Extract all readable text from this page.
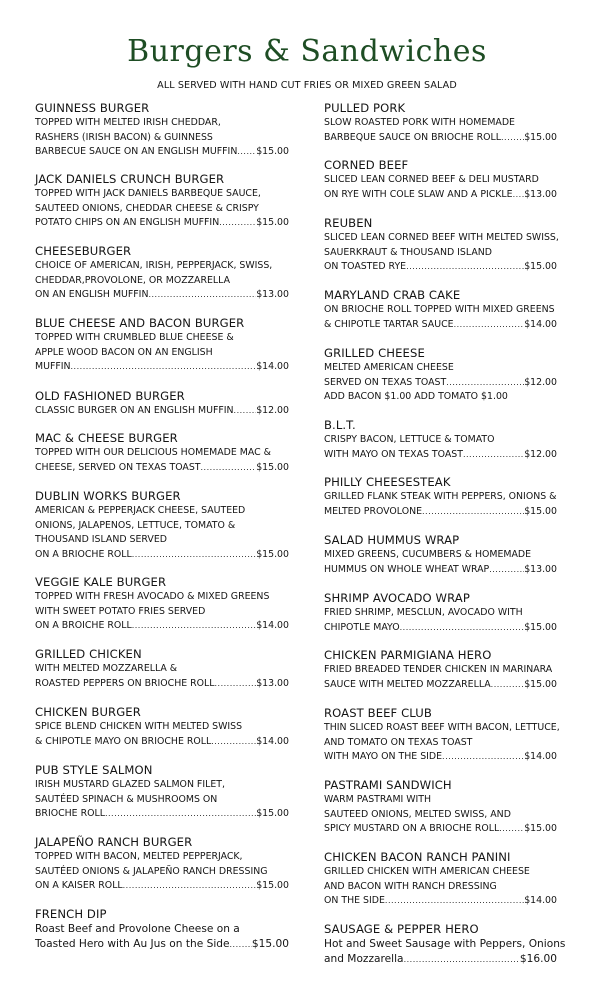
Burgers & Sandwiches
ALL SERVED WITH HAND CUT FRIES OR MIXED GREEN SALAD
GUINNESS BURGER
TOPPED WITH MELTED IRISH CHEDDAR,
RASHERS (IRISH BACON) & GUINNESS
BARBECUE SAUCE ON AN ENGLISH MUFFIN ..... $15.00
JACK DANIELS CRUNCH BURGER
TOPPED WITH JACK DANIELS BARBEQUE SAUCE,
SAUTEED ONIONS, CHEDDAR CHEESE & CRISPY
POTATO CHIPS ON AN ENGLISH MUFFIN .....	$15.00
CHEESEBURGER
CHOICE OF AMERICAN, IRISH, PEPPERJACK, SWISS,
CHEDDAR,PROVOLONE, OR MOZZARELLA
ON AN ENGLISH MUFFIN .....	$13.00
BLUE CHEESE AND BACON BURGER
TOPPED WITH CRUMBLED BLUE CHEESE &
APPLE WOOD BACON ON AN ENGLISH
MUFFIN .....	$14.00
OLD FASHIONED BURGER
CLASSIC BURGER ON AN ENGLISH MUFFIN ..... $12.00
MAC & CHEESE BURGER
TOPPED WITH OUR DELICIOUS HOMEMADE MAC &
CHEESE, SERVED ON TEXAS TOAST .....	$15.00
DUBLIN WORKS BURGER
AMERICAN & PEPPERJACK CHEESE, SAUTEED
ONIONS, JALAPENOS, LETTUCE, TOMATO &
THOUSAND ISLAND SERVED
ON A BRIOCHE ROLL .....	$15.00
VEGGIE KALE BURGER
TOPPED WITH FRESH AVOCADO & MIXED GREENS
WITH SWEET POTATO FRIES SERVED
ON A BROICHE ROLL .....	$14.00
GRILLED CHICKEN
WITH MELTED MOZZARELLA &
ROASTED PEPPERS ON BRIOCHE ROLL .....	$13.00
CHICKEN BURGER
SPICE BLEND CHICKEN WITH MELTED SWISS
& CHIPOTLE MAYO ON BRIOCHE ROLL .....	$14.00
PUB STYLE SALMON
IRISH MUSTARD GLAZED SALMON FILET,
SAUTÉED SPINACH & MUSHROOMS ON
BRIOCHE ROLL .....	$15.00
JALAPEÑO RANCH BURGER
TOPPED WITH BACON, MELTED PEPPERJACK,
SAUTÉED ONIONS & JALAPEÑO RANCH DRESSING
ON A KAISER ROLL .....	$15.00
FRENCH DIP
Roast Beef and Provolone Cheese on a
Toasted Hero with Au Jus on the Side ..... $15.00
PULLED PORK
SLOW ROASTED PORK WITH HOMEMADE
BARBEQUE SAUCE ON BRIOCHE ROLL ..... $15.00
CORNED BEEF
SLICED LEAN CORNED BEEF & DELI MUSTARD
ON RYE WITH COLE SLAW AND A PICKLE ..... $13.00
REUBEN
SLICED LEAN CORNED BEEF WITH MELTED SWISS,
SAUERKRAUT & THOUSAND ISLAND
ON TOASTED RYE .....	$15.00
MARYLAND CRAB CAKE
ON BRIOCHE ROLL TOPPED WITH MIXED GREENS
& CHIPOTLE TARTAR SAUCE .....	$14.00
GRILLED CHEESE
MELTED AMERICAN CHEESE
SERVED ON TEXAS TOAST .....	$12.00
ADD BACON $1.00 ADD TOMATO $1.00
B.L.T.
CRISPY BACON, LETTUCE & TOMATO
WITH MAYO ON TEXAS TOAST .....	$12.00
PHILLY CHEESESTEAK
GRILLED FLANK STEAK WITH PEPPERS, ONIONS &
MELTED PROVOLONE .....	$15.00
SALAD HUMMUS WRAP
MIXED GREENS, CUCUMBERS & HOMEMADE
HUMMUS ON WHOLE WHEAT WRAP .....	$13.00
SHRIMP AVOCADO WRAP
FRIED SHRIMP, MESCLUN, AVOCADO WITH
CHIPOTLE MAYO .....	$15.00
CHICKEN PARMIGIANA HERO
FRIED BREADED TENDER CHICKEN IN MARINARA
SAUCE WITH MELTED MOZZARELLA .....	$15.00
ROAST BEEF CLUB
THIN SLICED ROAST BEEF WITH BACON, LETTUCE,
AND TOMATO ON TEXAS TOAST
WITH MAYO ON THE SIDE .....	$14.00
PASTRAMI SANDWICH
WARM PASTRAMI WITH
SAUTEED ONIONS, MELTED SWISS, AND
SPICY MUSTARD ON A BRIOCHE ROLL .....	$15.00
CHICKEN BACON RANCH PANINI
GRILLED CHICKEN WITH AMERICAN CHEESE
AND BACON WITH RANCH DRESSING
ON THE SIDE .....	$14.00
SAUSAGE & PEPPER HERO
Hot and Sweet Sausage with Peppers, Onions
and Mozzarella .....	$16.00
